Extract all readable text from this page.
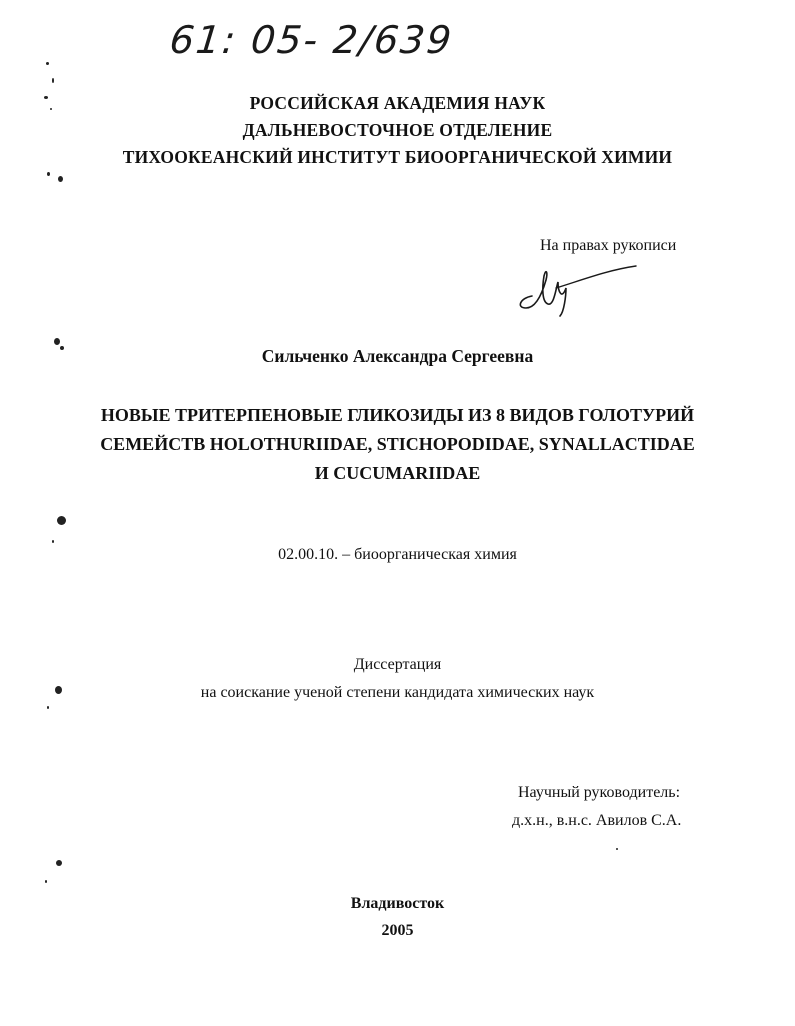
61: 05- 2/639
РОССИЙСКАЯ АКАДЕМИЯ НАУК
ДАЛЬНЕВОСТОЧНОЕ ОТДЕЛЕНИЕ
ТИХООКЕАНСКИЙ ИНСТИТУТ БИООРГАНИЧЕСКОЙ ХИМИИ
На правах рукописи
Сильченко Александра Сергеевна
НОВЫЕ ТРИТЕРПЕНОВЫЕ ГЛИКОЗИДЫ ИЗ 8 ВИДОВ ГОЛОТУРИЙ
СЕМЕЙСТВ HOLOTHURIIDAE, STICHOPODIDAE, SYNALLACTIDAE
И CUCUMARIIDAE
02.00.10. – биоорганическая химия
Диссертация
на соискание ученой степени кандидата химических наук
Научный руководитель:
д.х.н., в.н.с. Авилов С.А.
Владивосток
2005
